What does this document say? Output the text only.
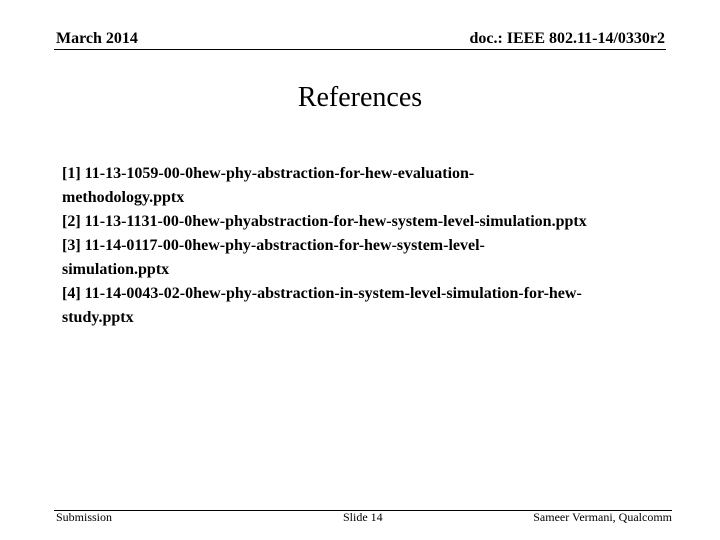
March 2014	doc.: IEEE 802.11-14/0330r2
References
[1] 11-13-1059-00-0hew-phy-abstraction-for-hew-evaluation-
methodology.pptx
[2] 11-13-1131-00-0hew-phyabstraction-for-hew-system-level-simulation.pptx
[3] 11-14-0117-00-0hew-phy-abstraction-for-hew-system-level-
simulation.pptx
[4] 11-14-0043-02-0hew-phy-abstraction-in-system-level-simulation-for-hew-
study.pptx
Submission	Slide 14	Sameer Vermani, Qualcomm
